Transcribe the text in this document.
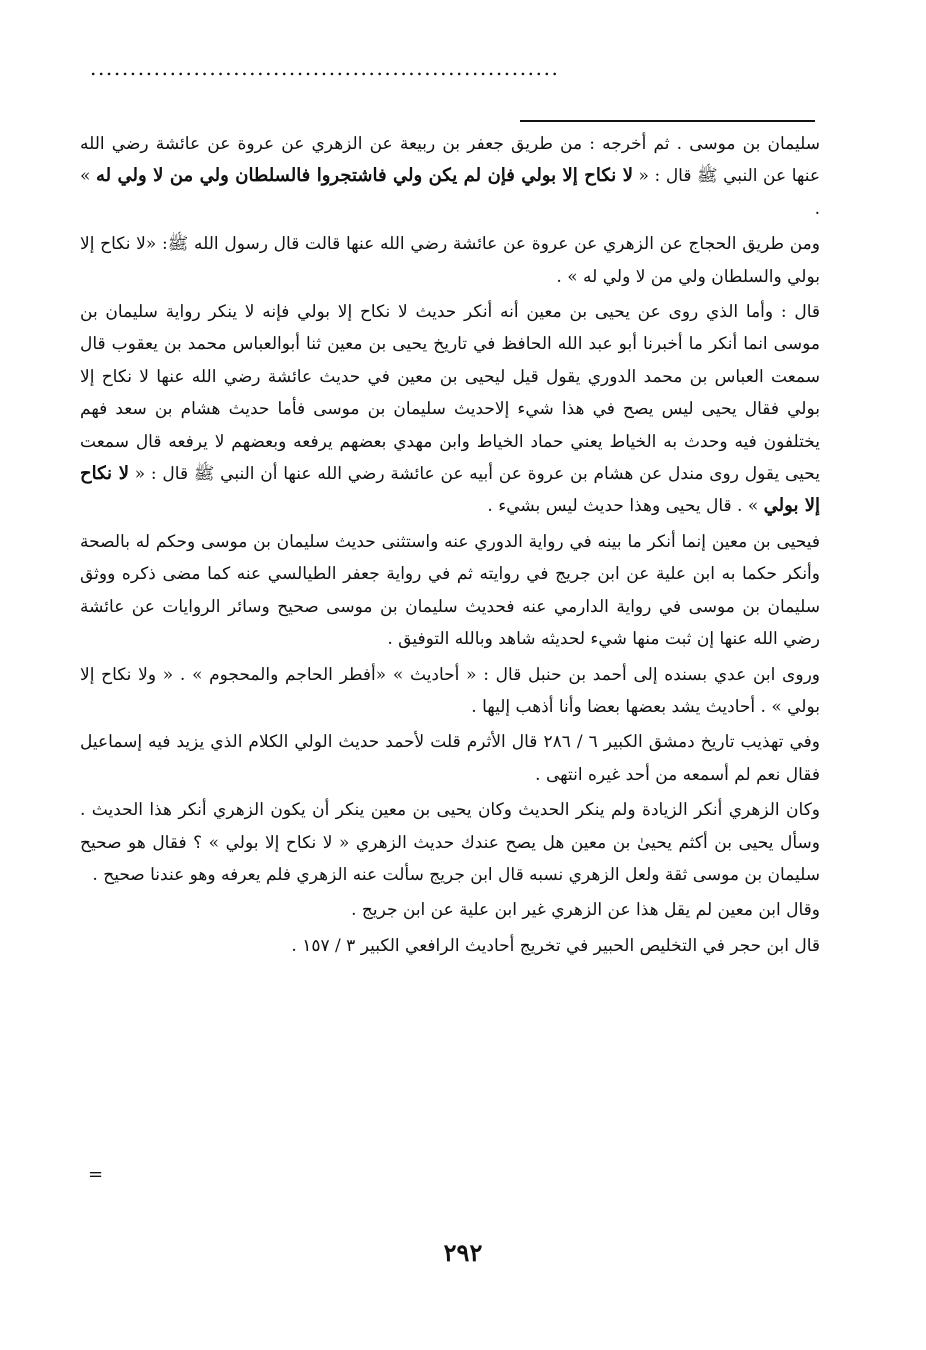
...........................................................

سليمان بن موسى . ثم أخرجه : من طريق جعفر بن ربيعة عن الزهري عن عروة عن عائشة رضي الله عنها عن النبي ﷺ قال : « لا نكاح إلا بولي فإن لم يكن ولي فاشتجروا فالسلطان ولي من لا ولي له » .

ومن طريق الحجاج عن الزهري عن عروة عن عائشة رضي الله عنها قالت قال رسول الله ﷺ: «لا نكاح إلا بولي والسلطان ولي من لا ولي له » .

قال : وأما الذي روى عن يحيى بن معين أنه أنكر حديث لا نكاح إلا بولي فإنه لا ينكر رواية سليمان بن موسى انما أنكر ما أخبرنا أبو عبد الله الحافظ في تاريخ يحيى بن معين ثنا أبوالعباس محمد بن يعقوب قال سمعت العباس بن محمد الدوري يقول قيل ليحيى بن معين في حديث عائشة رضي الله عنها لا نكاح إلا بولي فقال يحيى ليس يصح في هذا شيء إلاحديث سليمان بن موسى فأما حديث هشام بن سعد فهم يختلفون فيه وحدث به الخياط يعني حماد الخياط وابن مهدي بعضهم يرفعه وبعضهم لا يرفعه قال سمعت يحيى يقول روى مندل عن هشام بن عروة عن أبيه عن عائشة رضي الله عنها أن النبي ﷺ قال : « لا نكاح إلا بولي » . قال يحيى وهذا حديث ليس بشيء .

فيحيى بن معين إنما أنكر ما بينه في رواية الدوري عنه واستثنى حديث سليمان بن موسى وحكم له بالصحة وأنكر حكما به ابن علية عن ابن جريج في روايته ثم في رواية جعفر الطيالسي عنه كما مضى ذكره ووثق سليمان بن موسى في رواية الدارمي عنه فحديث سليمان بن موسى صحيح وسائر الروايات عن عائشة رضي الله عنها إن ثبت منها شيء لحديثه شاهد وبالله التوفيق .

وروى ابن عدي بسنده إلى أحمد بن حنبل قال : « أحاديث » «أفطر الحاجم والمحجوم » . « ولا نكاح إلا بولي » . أحاديث يشد بعضها بعضا وأنا أذهب إليها .

وفي تهذيب تاريخ دمشق الكبير ٦ / ٢٨٦ قال الأثرم قلت لأحمد حديث الولي الكلام الذي يزيد فيه إسماعيل فقال نعم لم أسمعه من أحد غيره انتهى .

وكان الزهري أنكر الزيادة ولم ينكر الحديث وكان يحيى بن معين ينكر أن يكون الزهري أنكر هذا الحديث . وسأل يحيى بن أكثم يحيىٰ بن معين هل يصح عندك حديث الزهري « لا نكاح إلا بولي » ؟ فقال هو صحيح سليمان بن موسى ثقة ولعل الزهري نسبه قال ابن جريج سألت عنه الزهري فلم يعرفه وهو عندنا صحيح .

وقال ابن معين لم يقل هذا عن الزهري غير ابن علية عن ابن جريج .

قال ابن حجر في التخليص الحبير في تخريج أحاديث الرافعي الكبير ٣ / ١٥٧ .

=
٢٩٢
